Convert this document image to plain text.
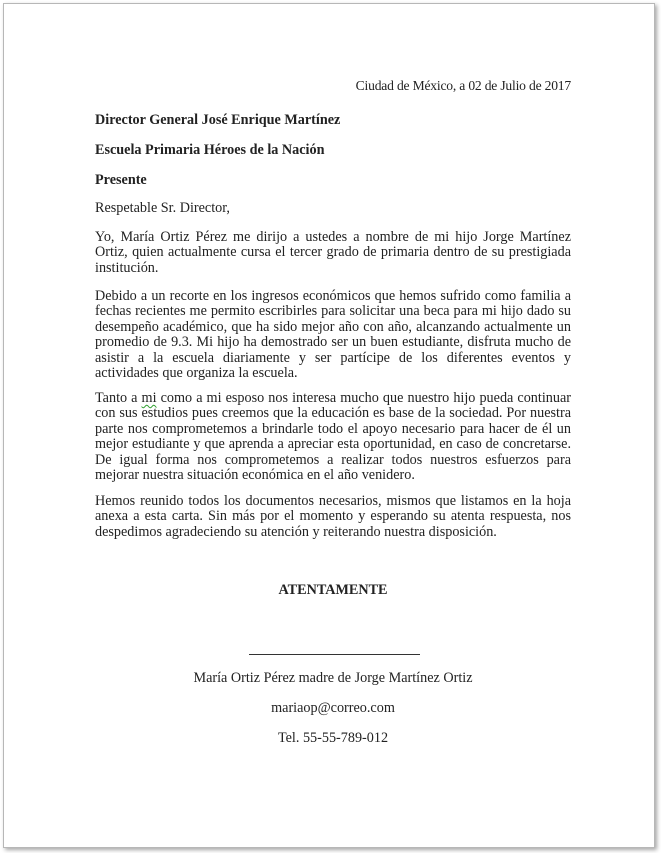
Ciudad de México, a 02 de Julio de 2017
Director General José Enrique Martínez
Escuela Primaria Héroes de la Nación
Presente
Respetable Sr. Director,
Yo, María Ortiz Pérez me dirijo a ustedes a nombre de mi hijo Jorge Martínez Ortiz, quien actualmente cursa el tercer grado de primaria dentro de su prestigiada institución.
Debido a un recorte en los ingresos económicos que hemos sufrido como familia a fechas recientes me permito escribirles para solicitar una beca para mi hijo dado su desempeño académico, que ha sido mejor año con año, alcanzando actualmente un promedio de 9.3. Mi hijo ha demostrado ser un buen estudiante, disfruta mucho de asistir a la escuela diariamente y ser partícipe de los diferentes eventos y actividades que organiza la escuela.
Tanto a mi como a mi esposo nos interesa mucho que nuestro hijo pueda continuar con sus estudios pues creemos que la educación es base de la sociedad. Por nuestra parte nos comprometemos a brindarle todo el apoyo necesario para hacer de él un mejor estudiante y que aprenda a apreciar esta oportunidad, en caso de concretarse. De igual forma nos comprometemos a realizar todos nuestros esfuerzos para mejorar nuestra situación económica en el año venidero.
Hemos reunido todos los documentos necesarios, mismos que listamos en la hoja anexa a esta carta. Sin más por el momento y esperando su atenta respuesta, nos despedimos agradeciendo su atención y reiterando nuestra disposición.
ATENTAMENTE
María Ortiz Pérez madre de Jorge Martínez Ortiz
mariaop@correo.com
Tel. 55-55-789-012
